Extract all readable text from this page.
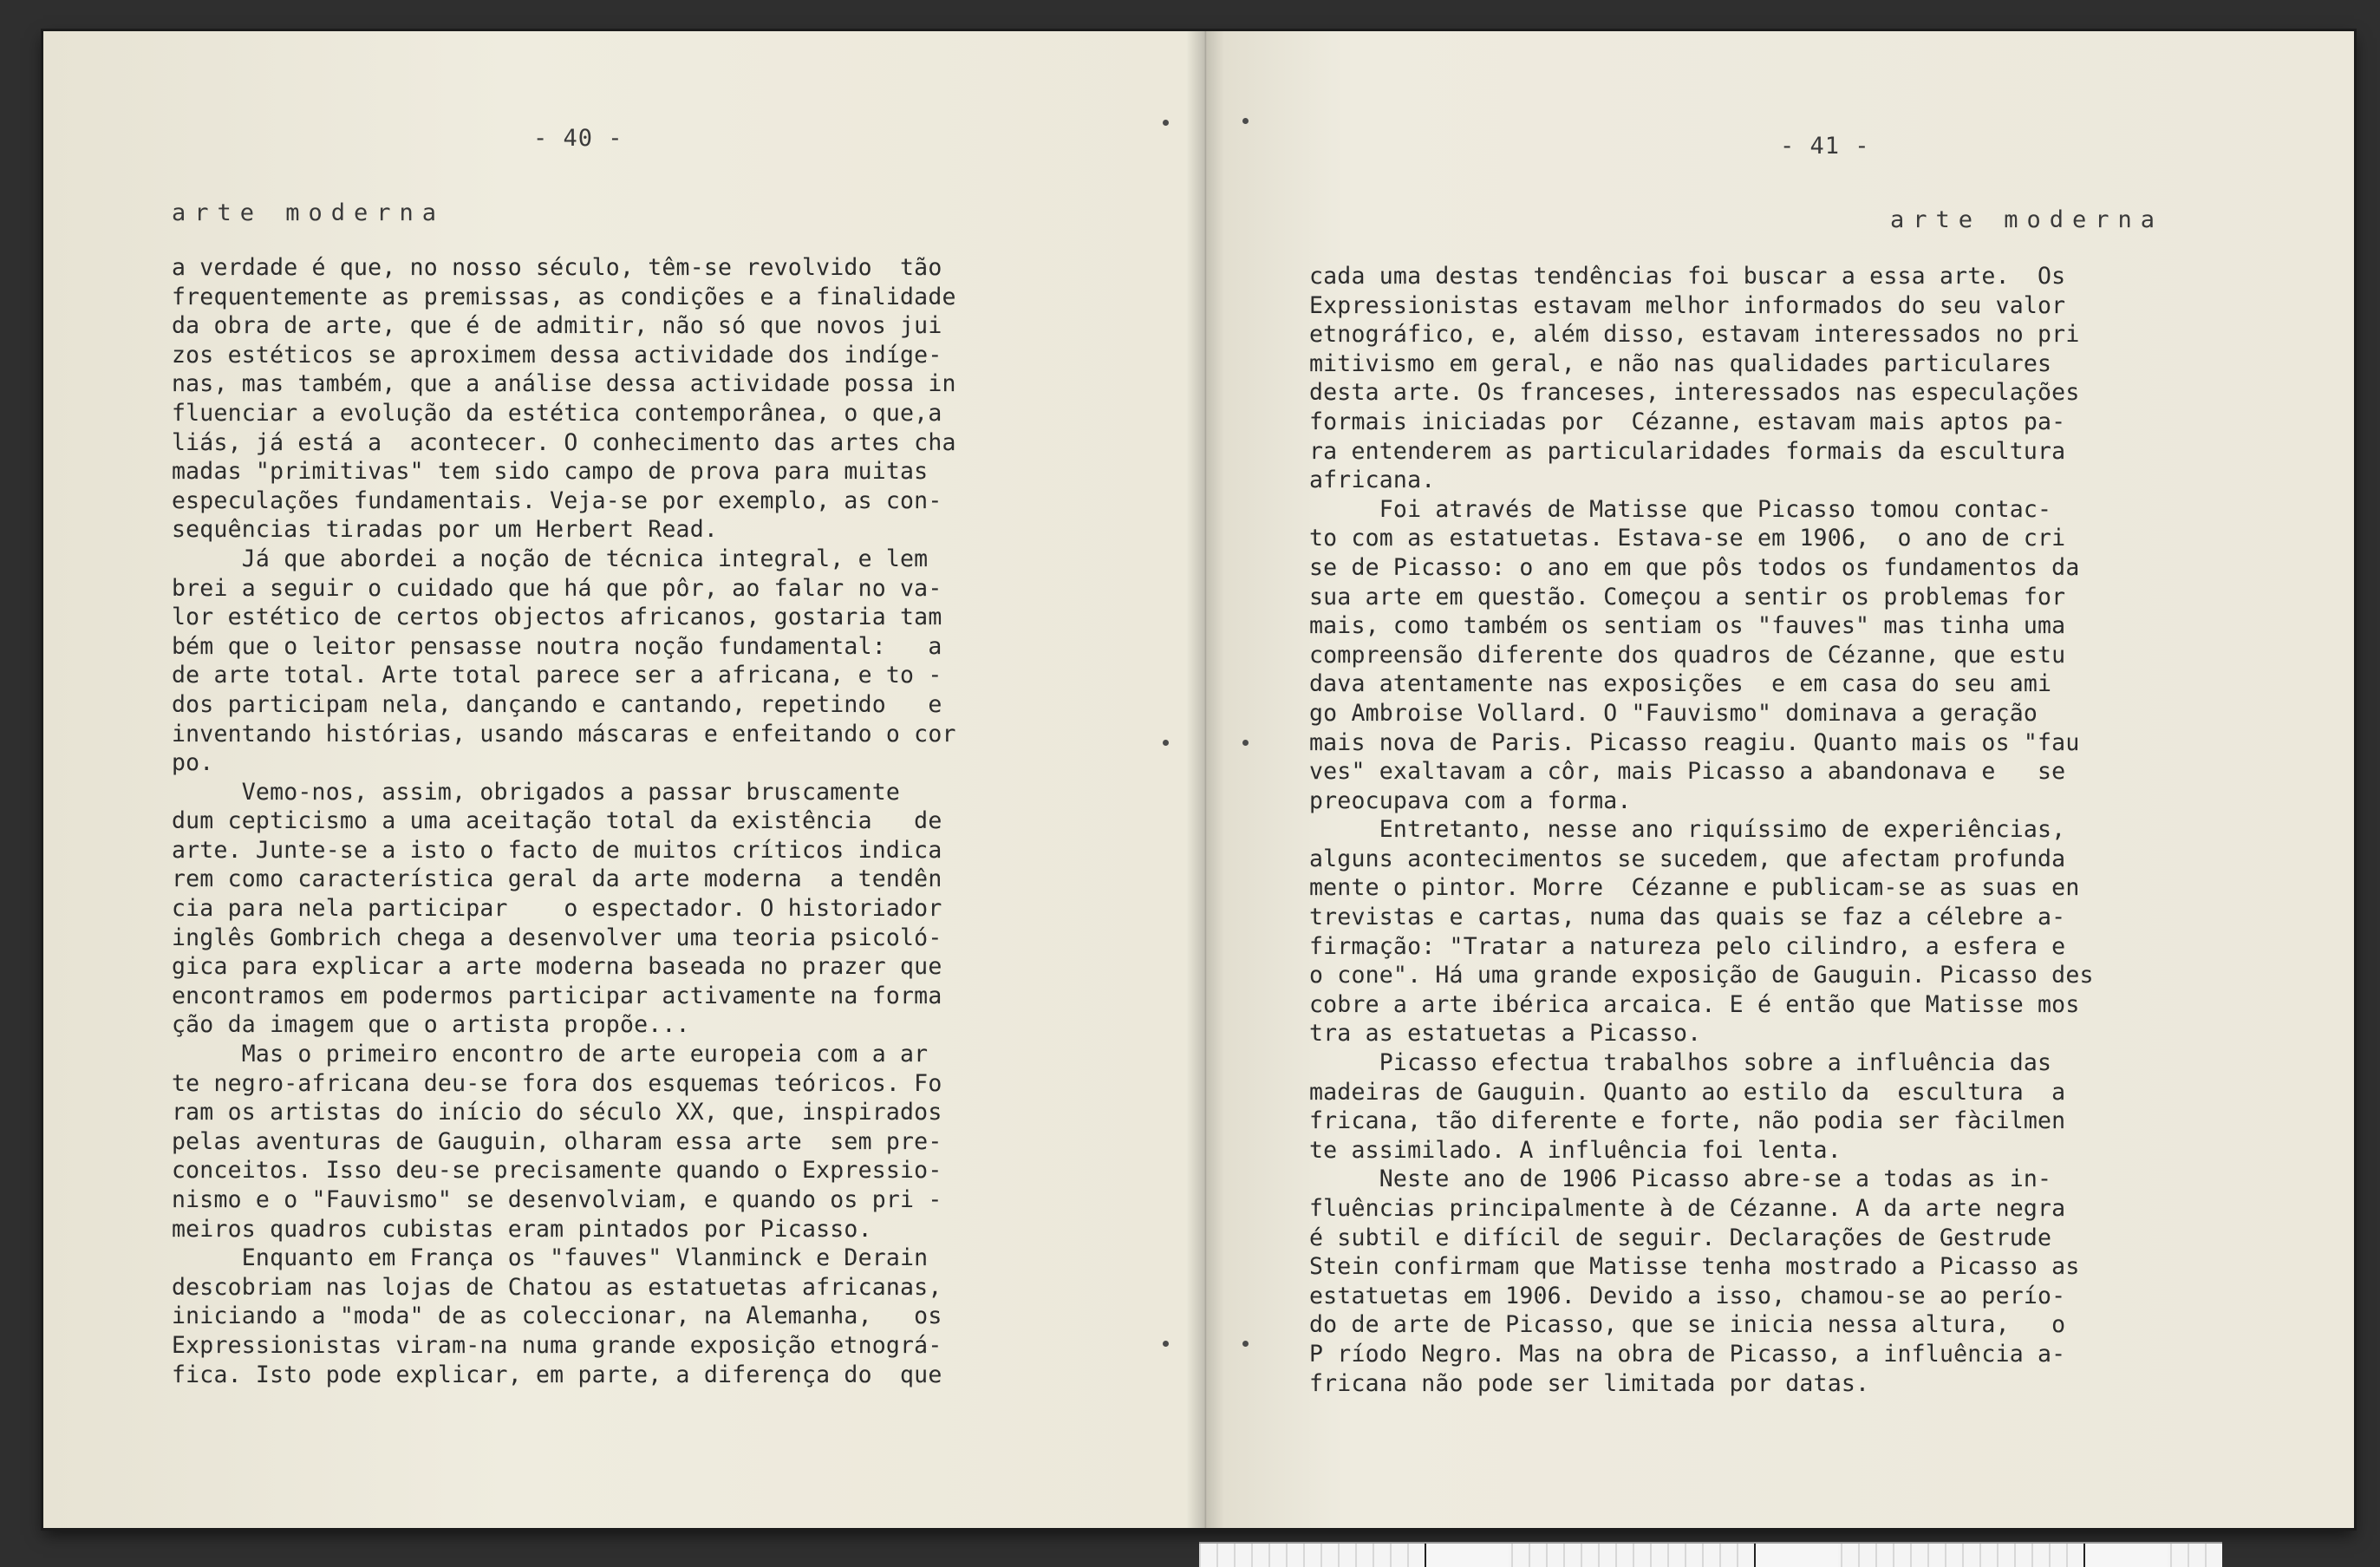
- 40 -
arte moderna
a verdade é que, no nosso século, têm-se revolvido  tão
frequentemente as premissas, as condições e a finalidade
da obra de arte, que é de admitir, não só que novos jui
zos estéticos se aproximem dessa actividade dos indíge-
nas, mas também, que a análise dessa actividade possa in
fluenciar a evolução da estética contemporânea, o que,a
liás, já está a  acontecer. O conhecimento das artes cha
madas "primitivas" tem sido campo de prova para muitas
especulações fundamentais. Veja-se por exemplo, as con-
sequências tiradas por um Herbert Read.
Já que abordei a noção de técnica integral, e lem
brei a seguir o cuidado que há que pôr, ao falar no va-
lor estético de certos objectos africanos, gostaria tam
bém que o leitor pensasse noutra noção fundamental:   a
de arte total. Arte total parece ser a africana, e to -
dos participam nela, dançando e cantando, repetindo   e
inventando histórias, usando máscaras e enfeitando o cor
po.
Vemo-nos, assim, obrigados a passar bruscamente
dum cepticismo a uma aceitação total da existência   de
arte. Junte-se a isto o facto de muitos críticos indica
rem como característica geral da arte moderna  a tendên
cia para nela participar    o espectador. O historiador
inglês Gombrich chega a desenvolver uma teoria psicoló-
gica para explicar a arte moderna baseada no prazer que
encontramos em podermos participar activamente na forma
ção da imagem que o artista propõe...
Mas o primeiro encontro de arte europeia com a ar
te negro-africana deu-se fora dos esquemas teóricos. Fo
ram os artistas do início do século XX, que, inspirados
pelas aventuras de Gauguin, olharam essa arte  sem pre-
conceitos. Isso deu-se precisamente quando o Expressio-
nismo e o "Fauvismo" se desenvolviam, e quando os pri -
meiros quadros cubistas eram pintados por Picasso.
Enquanto em França os "fauves" Vlanminck e Derain
descobriam nas lojas de Chatou as estatuetas africanas,
iniciando a "moda" de as coleccionar, na Alemanha,   os
Expressionistas viram-na numa grande exposição etnográ-
fica. Isto pode explicar, em parte, a diferença do  que
- 41 -
arte moderna
cada uma destas tendências foi buscar a essa arte.  Os
Expressionistas estavam melhor informados do seu valor
etnográfico, e, além disso, estavam interessados no pri
mitivismo em geral, e não nas qualidades particulares
desta arte. Os franceses, interessados nas especulações
formais iniciadas por  Cézanne, estavam mais aptos pa-
ra entenderem as particularidades formais da escultura
africana.
Foi através de Matisse que Picasso tomou contac-
to com as estatuetas. Estava-se em 1906,  o ano de cri
se de Picasso: o ano em que pôs todos os fundamentos da
sua arte em questão. Começou a sentir os problemas for
mais, como também os sentiam os "fauves" mas tinha uma
compreensão diferente dos quadros de Cézanne, que estu
dava atentamente nas exposições  e em casa do seu ami
go Ambroise Vollard. O "Fauvismo" dominava a geração
mais nova de Paris. Picasso reagiu. Quanto mais os "fau
ves" exaltavam a côr, mais Picasso a abandonava e   se
preocupava com a forma.
Entretanto, nesse ano riquíssimo de experiências,
alguns acontecimentos se sucedem, que afectam profunda
mente o pintor. Morre  Cézanne e publicam-se as suas en
trevistas e cartas, numa das quais se faz a célebre a-
firmação: "Tratar a natureza pelo cilindro, a esfera e
o cone". Há uma grande exposição de Gauguin. Picasso des
cobre a arte ibérica arcaica. E é então que Matisse mos
tra as estatuetas a Picasso.
Picasso efectua trabalhos sobre a influência das
madeiras de Gauguin. Quanto ao estilo da  escultura  a
fricana, tão diferente e forte, não podia ser fàcilmen
te assimilado. A influência foi lenta.
Neste ano de 1906 Picasso abre-se a todas as in-
fluências principalmente à de Cézanne. A da arte negra
é subtil e difícil de seguir. Declarações de Gestrude
Stein confirmam que Matisse tenha mostrado a Picasso as
estatuetas em 1906. Devido a isso, chamou-se ao perío-
do de arte de Picasso, que se inicia nessa altura,   o
P ríodo Negro. Mas na obra de Picasso, a influência a-
fricana não pode ser limitada por datas.
